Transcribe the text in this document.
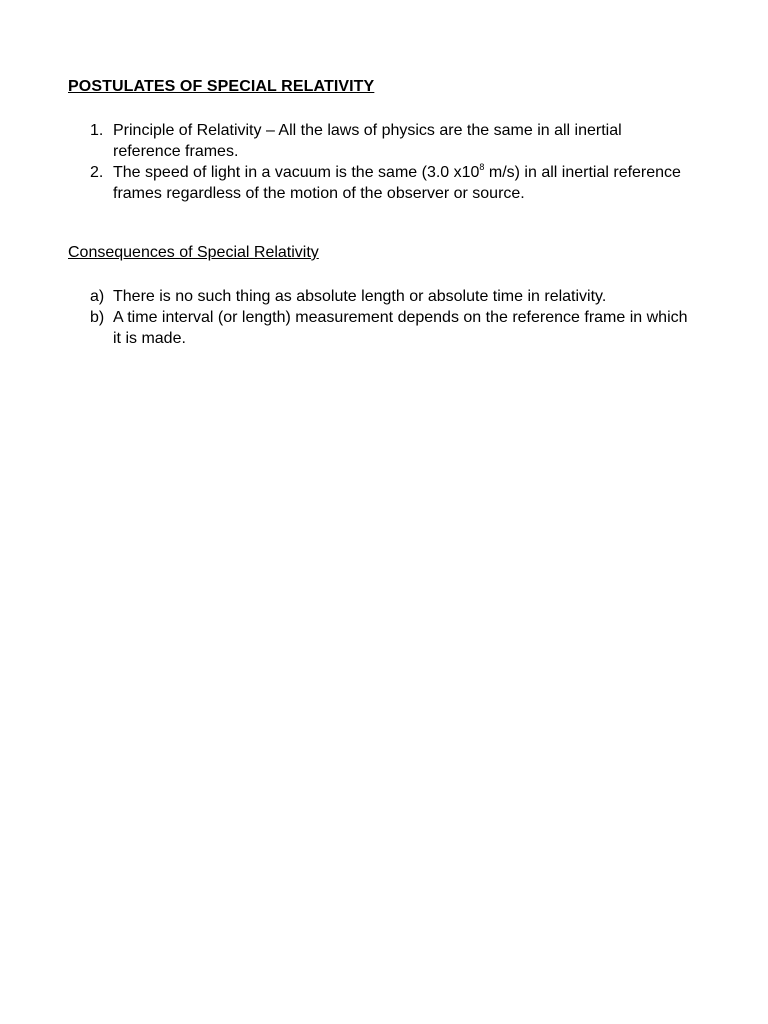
POSTULATES OF SPECIAL RELATIVITY
1. Principle of Relativity – All the laws of physics are the same in all inertial reference frames.
2. The speed of light in a vacuum is the same (3.0 $x10^8$ m/s) in all inertial reference frames regardless of the motion of the observer or source.
Consequences of Special Relativity
a) There is no such thing as absolute length or absolute time in relativity.
b) A time interval (or length) measurement depends on the reference frame in which it is made.
